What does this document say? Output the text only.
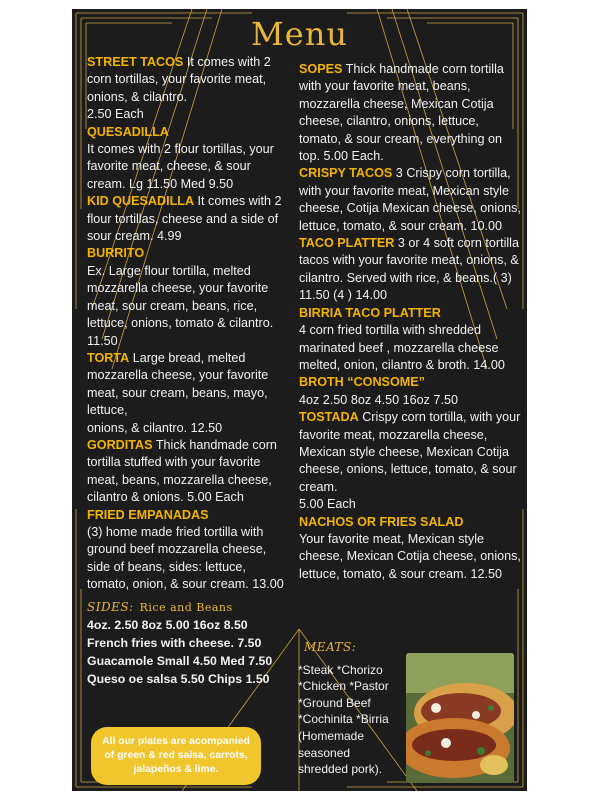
Menu
STREET TACOS It comes with 2 corn tortillas, your favorite meat, onions, & cilantro.
2.50 Each
QUESADILLA
It comes with 2 flour tortillas, your favorite meat, cheese, & sour cream. Lg 11.50 Med 9.50
KID QUESADILLA It comes with 2 flour tortillas, cheese and a side of sour cream. 4.99
BURRITO
Ex. Large flour tortilla, melted mozzarella cheese, your favorite meat, sour cream, beans, rice, lettuce, onions, tomato & cilantro. 11.50
TORTA Large bread, melted mozzarella cheese, your favorite meat, sour cream, beans, mayo, lettuce,
onions, & cilantro. 12.50
GORDITAS Thick handmade corn tortilla stuffed with your favorite meat, beans, mozzarella cheese, cilantro & onions. 5.00 Each
FRIED EMPANADAS
(3) home made fried tortilla with ground beef mozzarella cheese, side of beans, sides: lettuce, tomato, onion, & sour cream. 13.00
SIDES: Rice and Beans
4oz. 2.50 8oz 5.00 16oz 8.50
French fries with cheese. 7.50
Guacamole Small 4.50 Med 7.50
Queso oe salsa 5.50 Chips 1.50
All our plates are acompanied of green & red salsa, carrots, jalapeños & lime.
SOPES Thick handmade corn tortilla with your favorite meat, beans, mozzarella cheese, Mexican Cotija cheese, cilantro, onions, lettuce, tomato, & sour cream, everything on top. 5.00 Each.
CRISPY TACOS 3 Crispy corn tortilla, with your favorite meat, Mexican style cheese, Cotija Mexican cheese, onions, lettuce, tomato, & sour cream. 10.00
TACO PLATTER 3 or 4 soft corn tortilla tacos with your favorite meat, onions, & cilantro. Served with rice, & beans.( 3) 11.50 (4 ) 14.00
BIRRIA TACO PLATTER
4 corn fried tortilla with shredded marinated beef , mozzarella cheese melted, onion, cilantro & broth. 14.00
BROTH “CONSOME”
4oz 2.50 8oz 4.50 16oz 7.50
TOSTADA Crispy corn tortilla, with your favorite meat, mozzarella cheese, Mexican style cheese, Mexican Cotija cheese, onions, lettuce, tomato, & sour cream.
5.00 Each
NACHOS OR FRIES SALAD
Your favorite meat, Mexican style cheese, Mexican Cotija cheese, onions, lettuce, tomato, & sour cream. 12.50
MEATS:
*Steak *Chorizo
*Chicken *Pastor
*Ground Beef
*Cochinita *Birria
(Homemade seasoned shredded pork).
